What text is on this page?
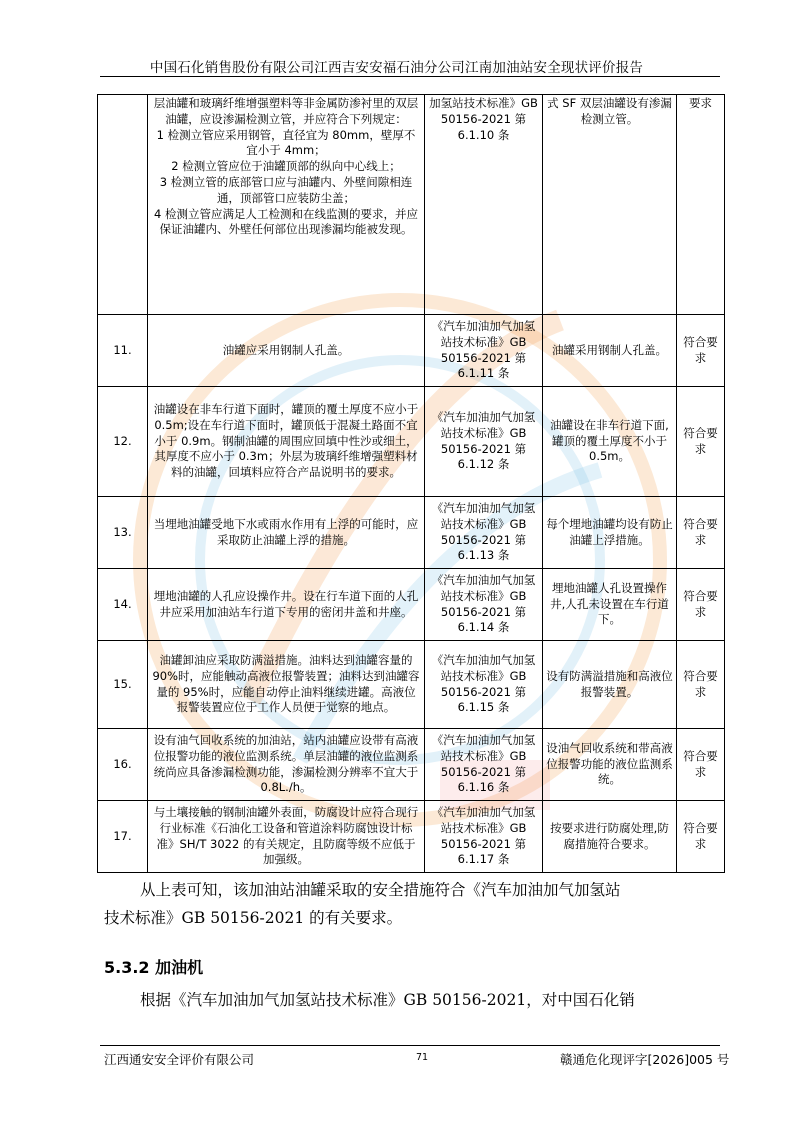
中国石化销售股份有限公司江西吉安安福石油分公司江南加油站安全现状评价报告

	层油罐和玻璃纤维增强塑料等非金属防渗衬里的双层油罐，应设渗漏检测立管，并应符合下列规定：
1 检测立管应采用钢管，直径宜为 80mm，壁厚不宜小于 4mm；
2 检测立管应位于油罐顶部的纵向中心线上；
3 检测立管的底部管口应与油罐内、外壁间隙相连通，顶部管口应装防尘盖；
4 检测立管应满足人工检测和在线监测的要求，并应保证油罐内、外壁任何部位出现渗漏均能被发现。	加氢站技术标准》GB 50156-2021 第 6.1.10 条	式 SF 双层油罐设有渗漏检测立管。	要求
11.	油罐应采用钢制人孔盖。	《汽车加油加气加氢站技术标准》GB 50156-2021 第 6.1.11 条	油罐采用钢制人孔盖。	符合要求
12.	油罐设在非车行道下面时，罐顶的覆土厚度不应小于 0.5m;设在车行道下面时，罐顶低于混凝土路面不宜小于 0.9m。钢制油罐的周围应回填中性沙或细土，其厚度不应小于 0.3m；外层为玻璃纤维增强塑料材料的油罐，回填料应符合产品说明书的要求。	《汽车加油加气加氢站技术标准》GB 50156-2021 第 6.1.12 条	油罐设在非车行道下面,罐顶的覆土厚度不小于 0.5m。	符合要求
13.	当埋地油罐受地下水或雨水作用有上浮的可能时，应采取防止油罐上浮的措施。	《汽车加油加气加氢站技术标准》GB 50156-2021 第 6.1.13 条	每个埋地油罐均设有防止油罐上浮措施。	符合要求
14.	埋地油罐的人孔应设操作井。设在行车道下面的人孔井应采用加油站车行道下专用的密闭井盖和井座。	《汽车加油加气加氢站技术标准》GB 50156-2021 第 6.1.14 条	埋地油罐人孔设置操作井,人孔未设置在车行道下。	符合要求
15.	油罐卸油应采取防满溢措施。油料达到油罐容量的 90%时，应能触动高液位报警装置；油料达到油罐容量的 95%时，应能自动停止油料继续进罐。高液位报警装置应位于工作人员便于觉察的地点。	《汽车加油加气加氢站技术标准》GB 50156-2021 第 6.1.15 条	设有防满溢措施和高液位报警装置。	符合要求
16.	设有油气回收系统的加油站，站内油罐应设带有高液位报警功能的液位监测系统。单层油罐的液位监测系统尚应具备渗漏检测功能，渗漏检测分辨率不宜大于 0.8L./h。	《汽车加油加气加氢站技术标准》GB 50156-2021 第 6.1.16 条	设油气回收系统和带高液位报警功能的液位监测系统。	符合要求
17.	与土壤接触的钢制油罐外表面，防腐设计应符合现行行业标准《石油化工设备和管道涂料防腐蚀设计标准》SH/T 3022 的有关规定，且防腐等级不应低于加强级。	《汽车加油加气加氢站技术标准》GB 50156-2021 第 6.1.17 条	按要求进行防腐处理,防腐措施符合要求。	符合要求
从上表可知，该加油站油罐采取的安全措施符合《汽车加油加气加氢站
技术标准》GB 50156-2021 的有关要求。
5.3.2 加油机
根据《汽车加油加气加氢站技术标准》GB 50156-2021，对中国石化销
江西通安安全评价有限公司	71	赣通危化现评字[2026]005 号
